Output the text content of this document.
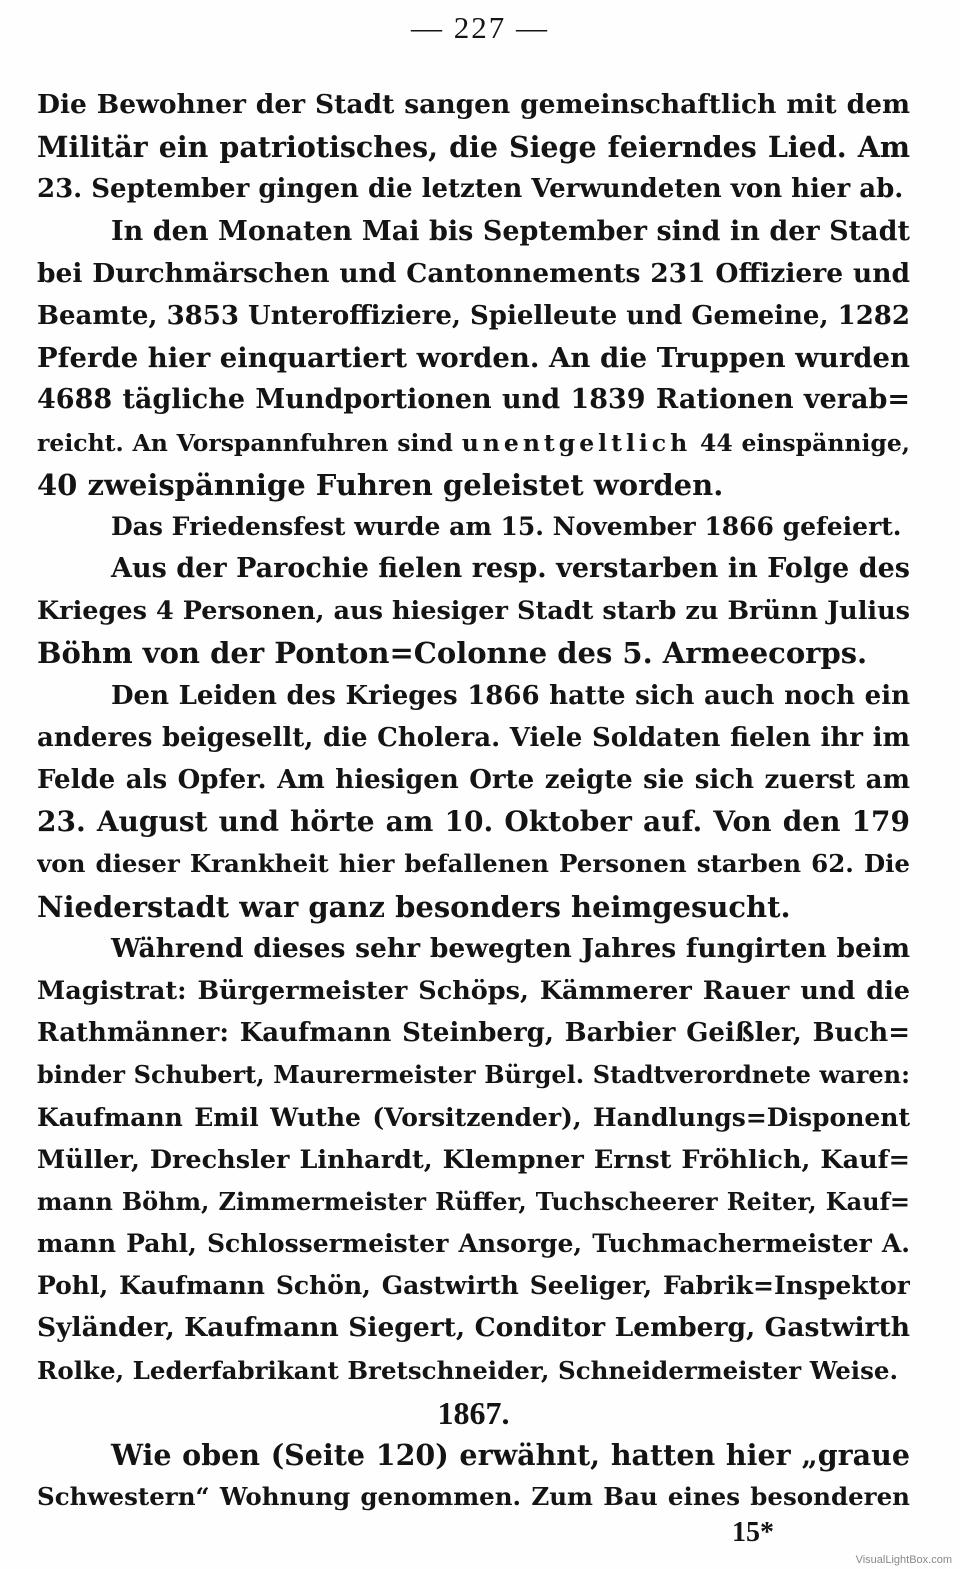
— 227 —
Die Bewohner der Stadt sangen gemeinschaftlich mit dem
Militär ein patriotisches, die Siege feierndes Lied. Am
23. September gingen die letzten Verwundeten von hier ab.
In den Monaten Mai bis September sind in der Stadt
bei Durchmärschen und Cantonnements 231 Offiziere und
Beamte, 3853 Unteroffiziere, Spielleute und Gemeine, 1282
Pferde hier einquartiert worden. An die Truppen wurden
4688 tägliche Mundportionen und 1839 Rationen verab=
reicht. An Vorspannfuhren sind unentgeltlich 44 einspännige,
40 zweispännige Fuhren geleistet worden.
Das Friedensfest wurde am 15. November 1866 gefeiert.
Aus der Parochie fielen resp. verstarben in Folge des
Krieges 4 Personen, aus hiesiger Stadt starb zu Brünn Julius
Böhm von der Ponton=Colonne des 5. Armeecorps.
Den Leiden des Krieges 1866 hatte sich auch noch ein
anderes beigesellt, die Cholera. Viele Soldaten fielen ihr im
Felde als Opfer. Am hiesigen Orte zeigte sie sich zuerst am
23. August und hörte am 10. Oktober auf. Von den 179
von dieser Krankheit hier befallenen Personen starben 62. Die
Niederstadt war ganz besonders heimgesucht.
Während dieses sehr bewegten Jahres fungirten beim
Magistrat: Bürgermeister Schöps, Kämmerer Rauer und die
Rathmänner: Kaufmann Steinberg, Barbier Geißler, Buch=
binder Schubert, Maurermeister Bürgel. Stadtverordnete waren:
Kaufmann Emil Wuthe (Vorsitzender), Handlungs=Disponent
Müller, Drechsler Linhardt, Klempner Ernst Fröhlich, Kauf=
mann Böhm, Zimmermeister Rüffer, Tuchscheerer Reiter, Kauf=
mann Pahl, Schlossermeister Ansorge, Tuchmachermeister A.
Pohl, Kaufmann Schön, Gastwirth Seeliger, Fabrik=Inspektor
Syländer, Kaufmann Siegert, Conditor Lemberg, Gastwirth
Rolke, Lederfabrikant Bretschneider, Schneidermeister Weise.
1867.
Wie oben (Seite 120) erwähnt, hatten hier „graue
Schwestern“ Wohnung genommen. Zum Bau eines besonderen
15*
VisualLightBox.com
